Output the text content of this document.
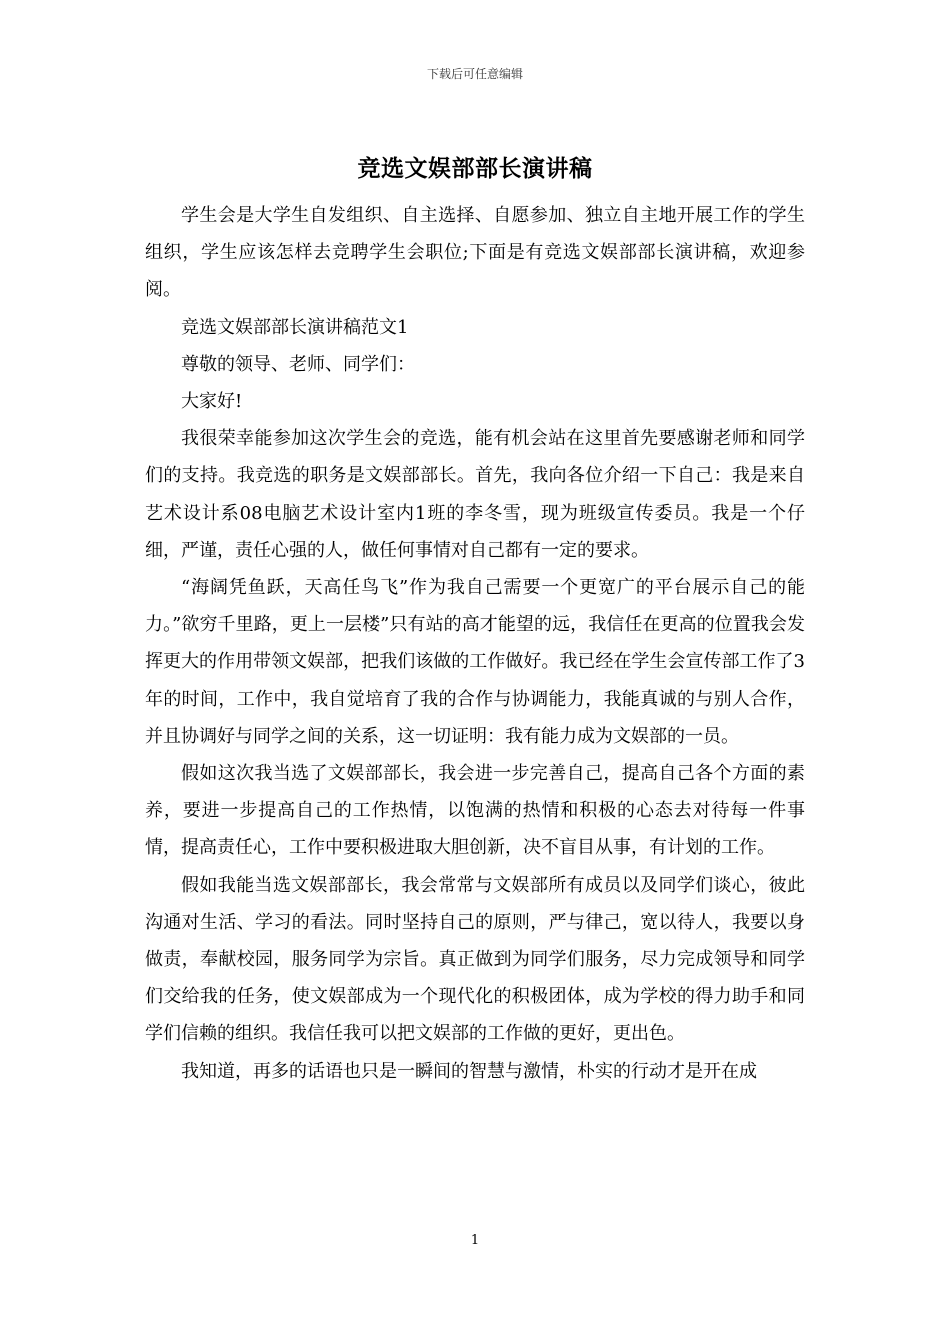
下载后可任意编辑
竞选文娱部部长演讲稿

学生会是大学生自发组织、自主选择、自愿参加、独立自主地开展工作的学生组织，学生应该怎样去竞聘学生会职位;下面是有竞选文娱部部长演讲稿，欢迎参阅。

竞选文娱部部长演讲稿范文1

尊敬的领导、老师、同学们：

大家好!

我很荣幸能参加这次学生会的竞选，能有机会站在这里首先要感谢老师和同学们的支持。我竞选的职务是文娱部部长。首先，我向各位介绍一下自己：我是来自艺术设计系08电脑艺术设计室内1班的李冬雪，现为班级宣传委员。我是一个仔细，严谨，责任心强的人，做任何事情对自己都有一定的要求。

“海阔凭鱼跃，天高任鸟飞”作为我自己需要一个更宽广的平台展示自己的能力。”欲穷千里路，更上一层楼”只有站的高才能望的远，我信任在更高的位置我会发挥更大的作用带领文娱部，把我们该做的工作做好。我已经在学生会宣传部工作了3年的时间，工作中，我自觉培育了我的合作与协调能力，我能真诚的与别人合作，并且协调好与同学之间的关系，这一切证明：我有能力成为文娱部的一员。

假如这次我当选了文娱部部长，我会进一步完善自己，提高自己各个方面的素养，要进一步提高自己的工作热情，以饱满的热情和积极的心态去对待每一件事情，提高责任心，工作中要积极进取大胆创新，决不盲目从事，有计划的工作。

假如我能当选文娱部部长，我会常常与文娱部所有成员以及同学们谈心，彼此沟通对生活、学习的看法。同时坚持自己的原则，严与律己，宽以待人，我要以身做责，奉献校园，服务同学为宗旨。真正做到为同学们服务，尽力完成领导和同学们交给我的任务，使文娱部成为一个现代化的积极团体，成为学校的得力助手和同学们信赖的组织。我信任我可以把文娱部的工作做的更好，更出色。

我知道，再多的话语也只是一瞬间的智慧与激情，朴实的行动才是开在成

1
